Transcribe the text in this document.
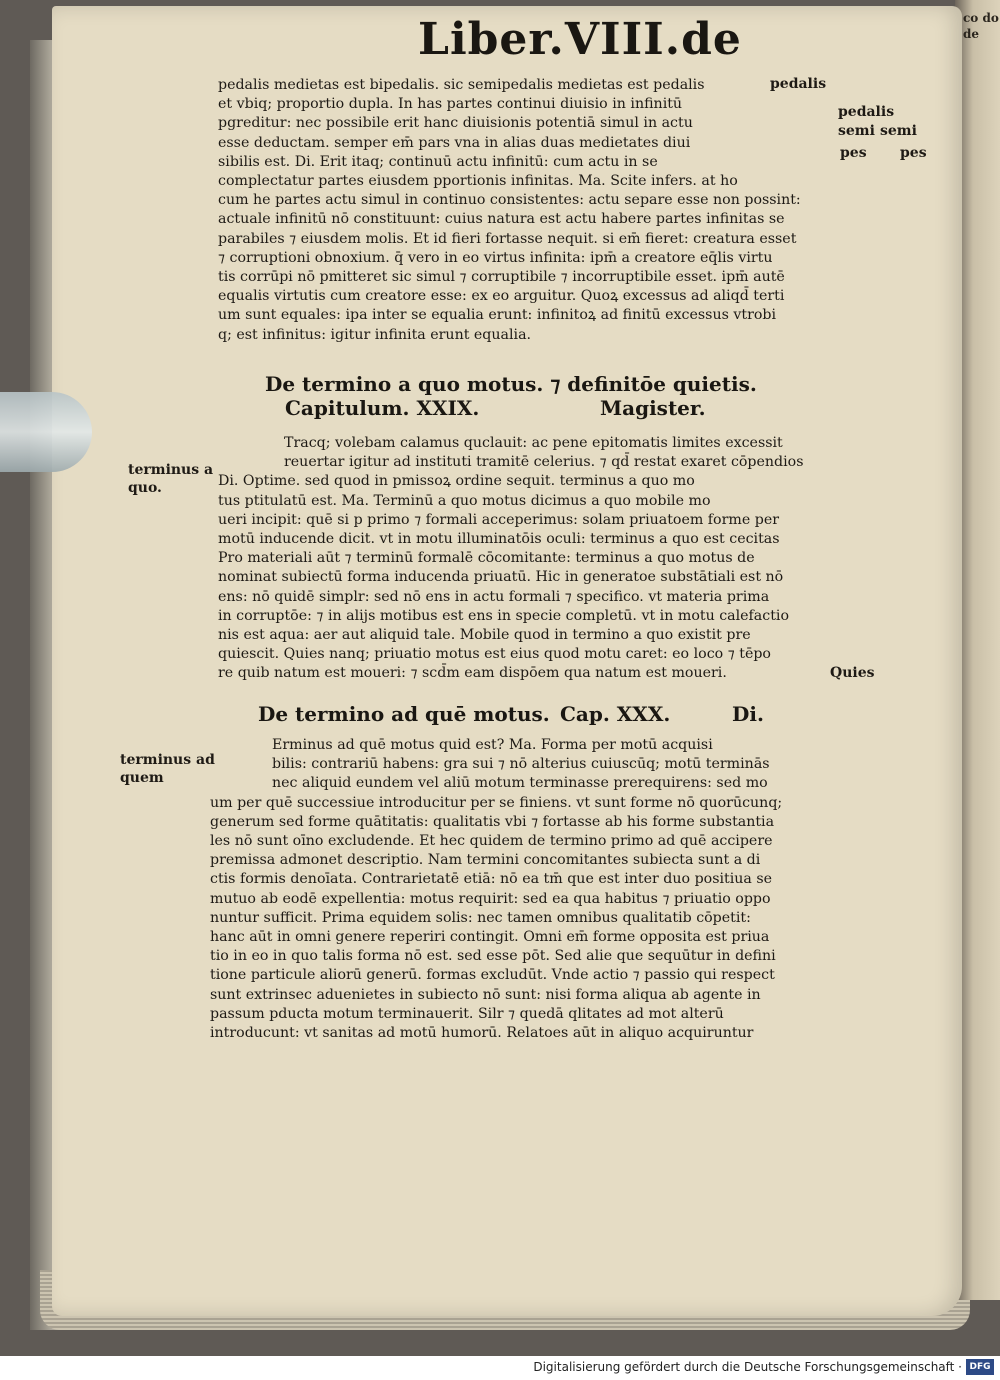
co do de
Liber.VIII.de
pedalis
pedalis
semi semi
pes pes
pedalis medietas est bipedalis. sic semipedalis medietas est pedalis
et vbiq; proportio dupla. In has partes continui diuisio in infinitū
pgreditur: nec possibile erit hanc diuisionis potentiā simul in actu
esse deductam. semper em̄ pars vna in alias duas medietates diui
sibilis est. Di. Erit itaq; continuū actu infinitū: cum actu in se
complectatur partes eiusdem pportionis infinitas. Ma. Scite infers. at ho
cum he partes actu simul in continuo consistentes: actu separe esse non possint:
actuale infinitū nō constituunt: cuius natura est actu habere partes infinitas se
parabiles ⁊ eiusdem molis. Et id fieri fortasse nequit. si em̄ fieret: creatura esset
⁊ corruptioni obnoxium. q̄ vero in eo virtus infinita: ipm̄ a creatore eq̄lis virtu
tis corrūpi nō pmitteret sic simul ⁊ corruptibile ⁊ incorruptibile esset. ipm̄ autē
equalis virtutis cum creatore esse: ex eo arguitur. Quoꝝ excessus ad aliqd̄ terti
um sunt equales: ipa inter se equalia erunt: infinitoꝝ ad finitū excessus vtrobi
q; est infinitus: igitur infinita erunt equalia.
De termino a quo motus. ⁊ definitōe quietis.
Capitulum. XXIX.	Magister.
terminus a
quo.
Tracq; volebam calamus quclauit: ac pene epitomatis limites excessit
reuertar igitur ad instituti tramitē celerius. ⁊ qd̄ restat exaret cōpendios
Di. Optime. sed quod in pmissoꝝ ordine sequit. terminus a quo mo
tus ptitulatū est. Ma. Terminū a quo motus dicimus a quo mobile mo
ueri incipit: quē si p primo ⁊ formali acceperimus: solam priuatoem forme per
motū inducende dicit. vt in motu illuminatōis oculi: terminus a quo est cecitas
Pro materiali aūt ⁊ terminū formalē cōcomitante: terminus a quo motus de
nominat subiectū forma inducenda priuatū. Hic in generatoe substātiali est nō
ens: nō quidē simplr: sed nō ens in actu formali ⁊ specifico. vt materia prima
in corruptōe: ⁊ in alijs motibus est ens in specie completū. vt in motu calefactio
nis est aqua: aer aut aliquid tale. Mobile quod in termino a quo existit pre
quiescit. Quies nanq; priuatio motus est eius quod motu caret: eo loco ⁊ tēpo
re quib natum est moueri: ⁊ scd̄m eam dispōem qua natum est moueri.	Quies
De termino ad quē motus. Cap. XXX.	Di.
terminus ad
quem
Erminus ad quē motus quid est? Ma. Forma per motū acquisi
bilis: contrariū habens: gra sui ⁊ nō alterius cuiuscūq; motū terminās
nec aliquid eundem vel aliū motum terminasse prerequirens: sed mo
um per quē successiue introducitur per se finiens. vt sunt forme nō quorūcunq;
generum sed forme quātitatis: qualitatis vbi ⁊ fortasse ab his forme substantia
les nō sunt oīno excludende. Et hec quidem de termino primo ad quē accipere
premissa admonet descriptio. Nam termini concomitantes subiecta sunt a di
ctis formis denoīata. Contrarietatē etiā: nō ea tm̄ que est inter duo positiua se
mutuo ab eodē expellentia: motus requirit: sed ea qua habitus ⁊ priuatio oppo
nuntur sufficit. Prima equidem solis: nec tamen omnibus qualitatib cōpetit:
hanc aūt in omni genere reperiri contingit. Omni em̄ forme opposita est priua
tio in eo in quo talis forma nō est. sed esse pōt. Sed alie que sequūtur in defini
tione particule aliorū generū. formas excludūt. Vnde actio ⁊ passio qui respect
sunt extrinsec aduenietes in subiecto nō sunt: nisi forma aliqua ab agente in
passum pducta motum terminauerit. Silr ⁊ quedā qlitates ad mot alterū
introducunt: vt sanitas ad motū humorū. Relatoes aūt in aliquo acquiruntur
Digitalisierung gefördert durch die Deutsche Forschungsgemeinschaft · DFG
